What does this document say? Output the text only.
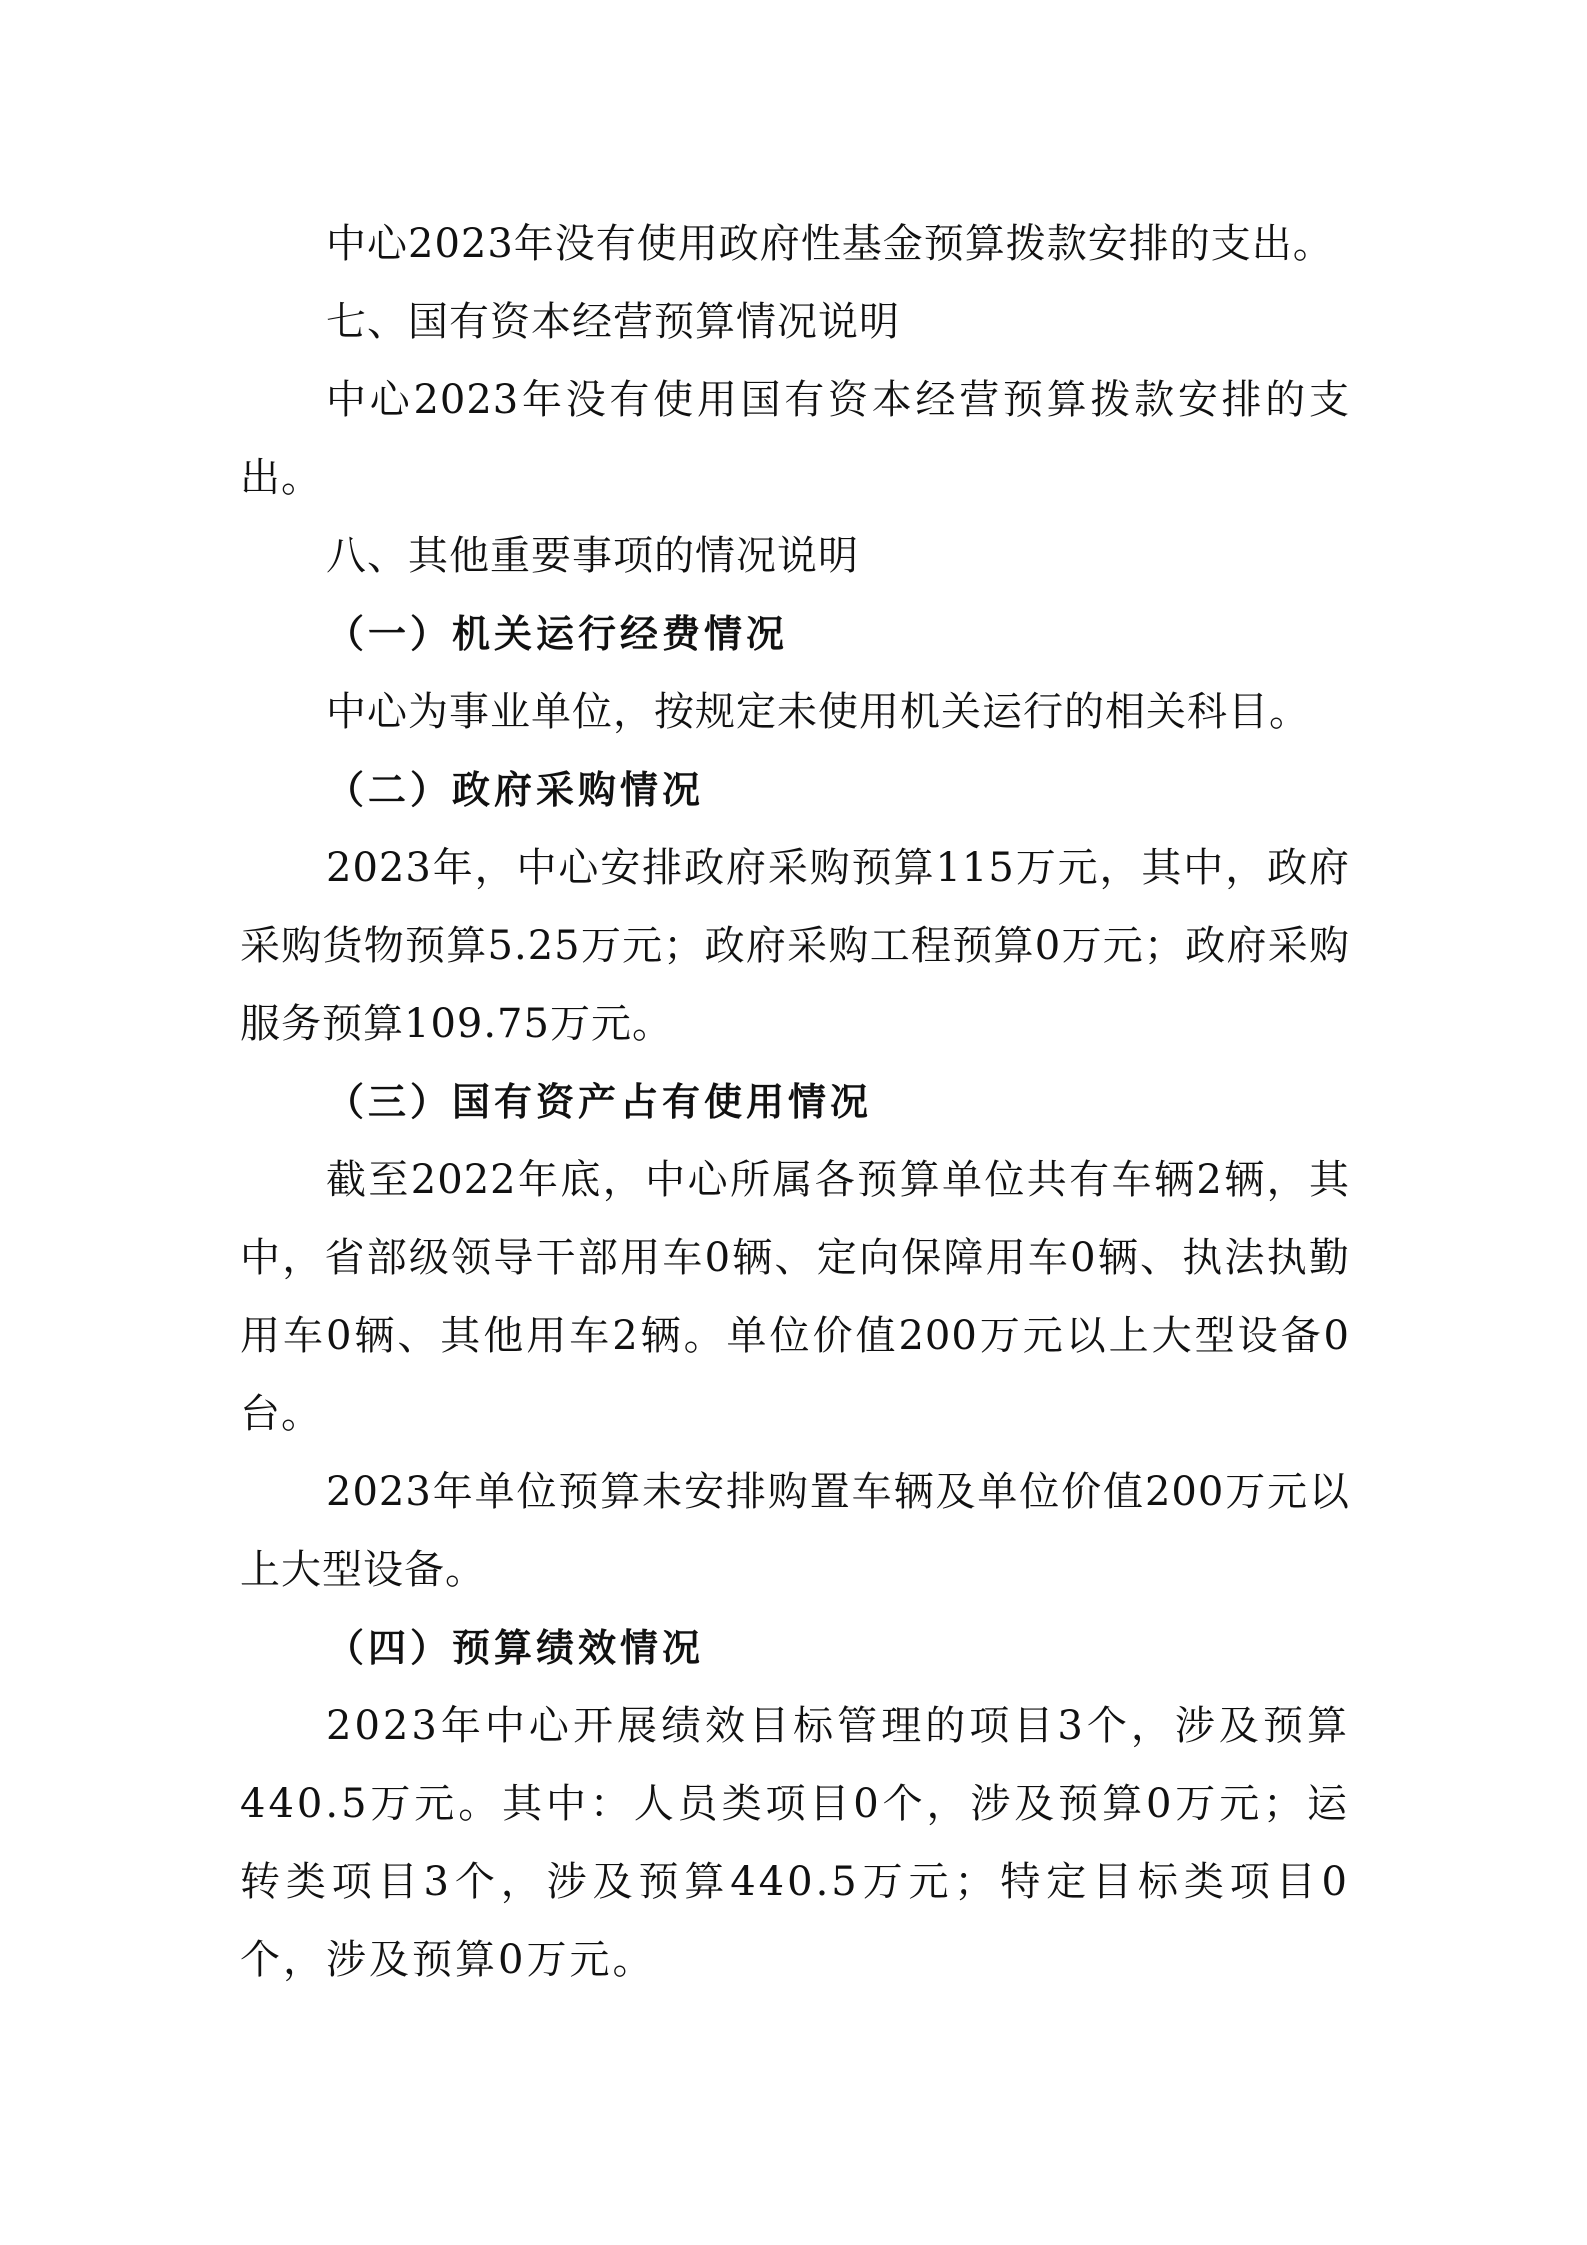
中心2023年没有使用政府性基金预算拨款安排的支出。

七、国有资本经营预算情况说明

中心2023年没有使用国有资本经营预算拨款安排的支出。

八、其他重要事项的情况说明
（一）机关运行经费情况

中心为事业单位，按规定未使用机关运行的相关科目。

（二）政府采购情况

2023年，中心安排政府采购预算115万元，其中，政府采购货物预算5.25万元；政府采购工程预算0万元；政府采购服务预算109.75万元。

（三）国有资产占有使用情况

截至2022年底，中心所属各预算单位共有车辆2辆，其中，省部级领导干部用车0辆、定向保障用车0辆、执法执勤用车0辆、其他用车2辆。单位价值200万元以上大型设备0台。

2023年单位预算未安排购置车辆及单位价值200万元以上大型设备。

（四）预算绩效情况

2023年中心开展绩效目标管理的项目3个，涉及预算440.5万元。其中：人员类项目0个，涉及预算0万元；运转类项目3个，涉及预算440.5万元；特定目标类项目0个，涉及预算0万元。
